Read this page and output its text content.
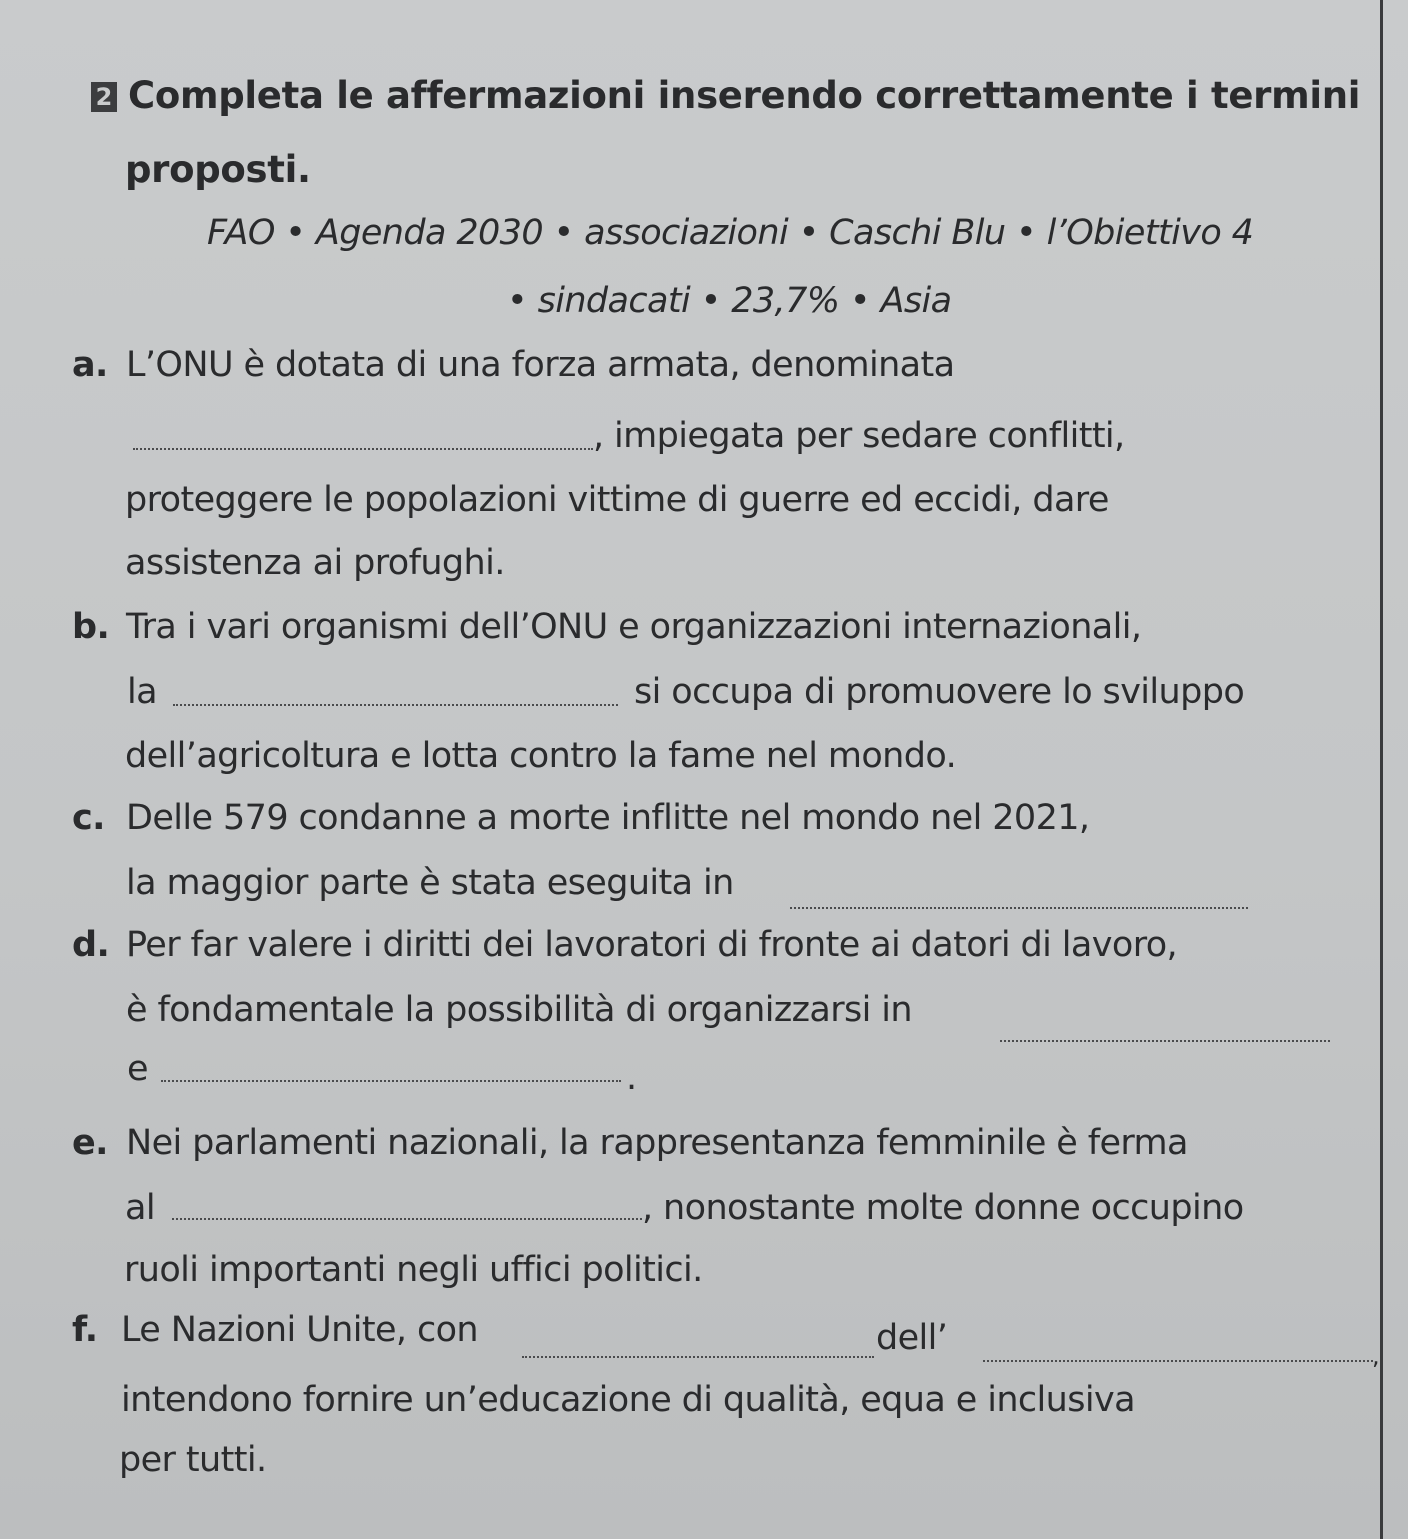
2 Completa le affermazioni inserendo correttamente i termini
proposti.
FAO • Agenda 2030 • associazioni • Caschi Blu • l’Obiettivo 4
• sindacati • 23,7% • Asia
a. L’ONU è dotata di una forza armata, denominata
, impiegata per sedare conflitti,
proteggere le popolazioni vittime di guerre ed eccidi, dare
assistenza ai profughi.
b. Tra i vari organismi dell’ONU e organizzazioni internazionali,
la	si occupa di promuovere lo sviluppo
dell’agricoltura e lotta contro la fame nel mondo.
c. Delle 579 condanne a morte inflitte nel mondo nel 2021,
la maggior parte è stata eseguita in
d. Per far valere i diritti dei lavoratori di fronte ai datori di lavoro,
è fondamentale la possibilità di organizzarsi in
e	.
e. Nei parlamenti nazionali, la rappresentanza femminile è ferma
al	, nonostante molte donne occupino
ruoli importanti negli uffici politici.
f. Le Nazioni Unite, con	dell’	,
intendono fornire un’educazione di qualità, equa e inclusiva
per tutti.
